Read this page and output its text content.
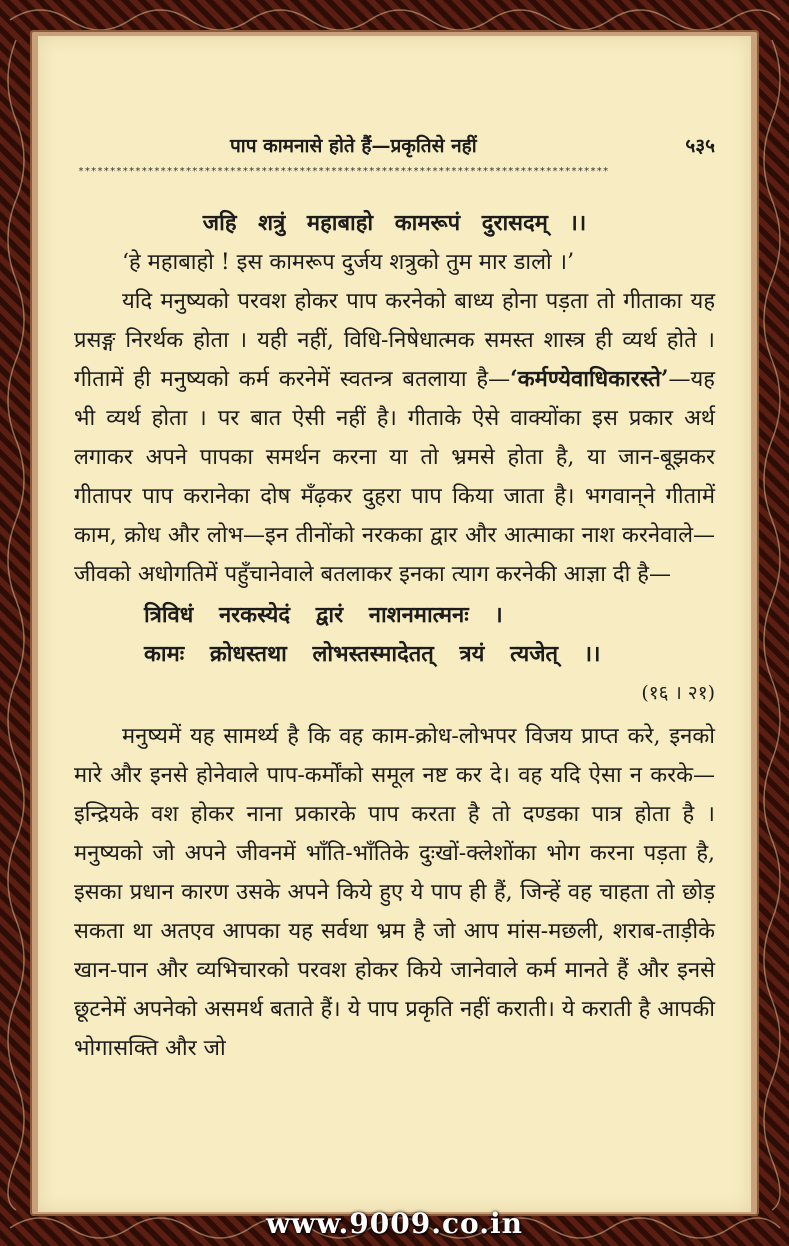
पाप कामनासे होते हैं—प्रकृतिसे नहीं	५३५
************************************************************************************

जहि शत्रुं महाबाहो कामरूपं दुरासदम् ।।

‘हे महाबाहो ! इस कामरूप दुर्जय शत्रुको तुम मार डालो ।’

यदि मनुष्यको परवश होकर पाप करनेको बाध्य होना पड़ता तो गीताका यह प्रसङ्ग निरर्थक होता । यही नहीं, विधि-निषेधात्मक समस्त शास्त्र ही व्यर्थ होते । गीतामें ही मनुष्यको कर्म करनेमें स्वतन्त्र बतलाया है—‘कर्मण्येवाधिकारस्ते’—यह भी व्यर्थ होता । पर बात ऐसी नहीं है। गीताके ऐसे वाक्योंका इस प्रकार अर्थ लगाकर अपने पापका समर्थन करना या तो भ्रमसे होता है, या जान-बूझकर गीतापर पाप करानेका दोष मँढ़कर दुहरा पाप किया जाता है। भगवान्‌ने गीतामें काम, क्रोध और लोभ—इन तीनोंको नरकका द्वार और आत्माका नाश करनेवाले—जीवको अधोगतिमें पहुँचानेवाले बतलाकर इनका त्याग करनेकी आज्ञा दी है—

त्रिविधं नरकस्येदं द्वारं नाशनमात्मनः ।
कामः क्रोधस्तथा लोभस्तस्मादेतत् त्रयं त्यजेत् ।।

(१६ । २१)

मनुष्यमें यह सामर्थ्य है कि वह काम-क्रोध-लोभपर विजय प्राप्त करे, इनको मारे और इनसे होनेवाले पाप-कर्मोंको समूल नष्ट कर दे। वह यदि ऐसा न करके—इन्द्रियके वश होकर नाना प्रकारके पाप करता है तो दण्डका पात्र होता है । मनुष्यको जो अपने जीवनमें भाँति-भाँतिके दुःखों-क्लेशोंका भोग करना पड़ता है, इसका प्रधान कारण उसके अपने किये हुए ये पाप ही हैं, जिन्हें वह चाहता तो छोड़ सकता था अतएव आपका यह सर्वथा भ्रम है जो आप मांस-मछली, शराब-ताड़ीके खान-पान और व्यभिचारको परवश होकर किये जानेवाले कर्म मानते हैं और इनसे छूटनेमें अपनेको असमर्थ बताते हैं। ये पाप प्रकृति नहीं कराती। ये कराती है आपकी भोगासक्ति और जो

www.9009.co.in
